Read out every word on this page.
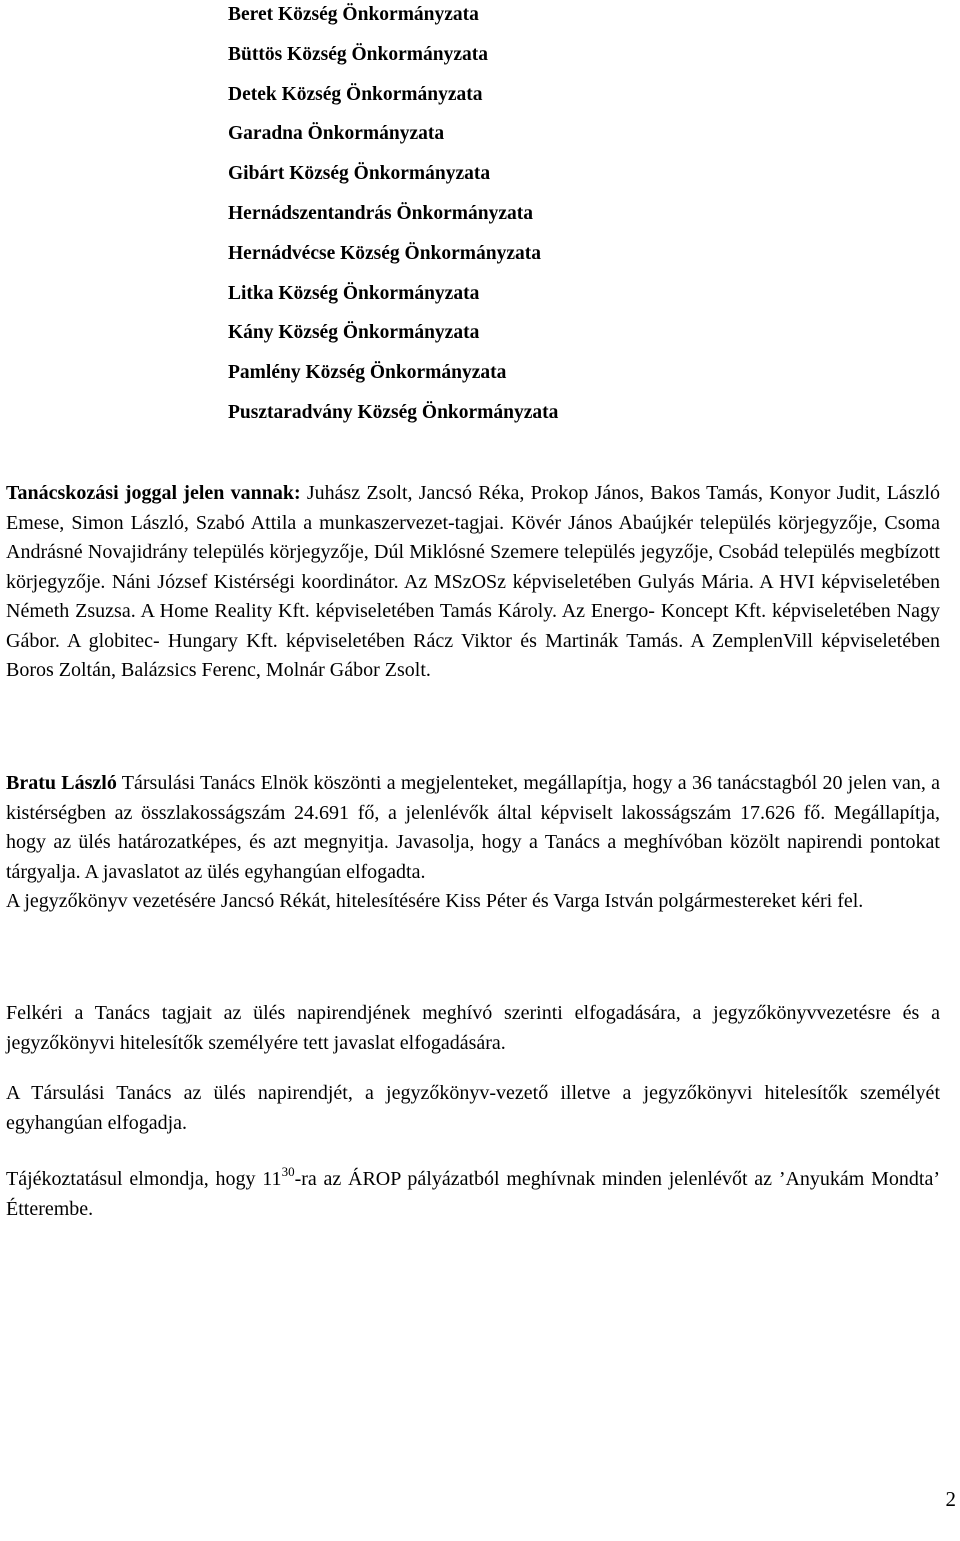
Beret Község Önkormányzata
Büttös Község Önkormányzata
Detek Község Önkormányzata
Garadna Önkormányzata
Gibárt Község Önkormányzata
Hernádszentandrás Önkormányzata
Hernádvécse Község Önkormányzata
Litka Község Önkormányzata
Kány Község Önkormányzata
Pamlény Község Önkormányzata
Pusztaradvány Község Önkormányzata

Tanácskozási joggal jelen vannak: Juhász Zsolt, Jancsó Réka, Prokop János, Bakos Tamás, Konyor Judit, László Emese, Simon László, Szabó Attila a munkaszervezet-tagjai. Kövér János Abaújkér település körjegyzője, Csoma Andrásné Novajidrány település körjegyzője, Dúl Miklósné Szemere település jegyzője, Csobád település megbízott körjegyzője. Náni József Kistérségi koordinátor. Az MSzOSz képviseletében Gulyás Mária. A HVI képviseletében Németh Zsuzsa. A Home Reality Kft. képviseletében Tamás Károly. Az Energo- Koncept Kft. képviseletében Nagy Gábor. A globitec- Hungary Kft. képviseletében Rácz Viktor és Martinák Tamás. A ZemplenVill képviseletében Boros Zoltán, Balázsics Ferenc, Molnár Gábor Zsolt.

Bratu László Társulási Tanács Elnök köszönti a megjelenteket, megállapítja, hogy a 36 tanácstagból 20 jelen van, a kistérségben az összlakosságszám 24.691 fő, a jelenlévők által képviselt lakosságszám 17.626 fő. Megállapítja, hogy az ülés határozatképes, és azt megnyitja. Javasolja, hogy a Tanács a meghívóban közölt napirendi pontokat tárgyalja. A javaslatot az ülés egyhangúan elfogadta.

A jegyzőkönyv vezetésére Jancsó Rékát, hitelesítésére Kiss Péter és Varga István polgármestereket kéri fel.

Felkéri a Tanács tagjait az ülés napirendjének meghívó szerinti elfogadására, a jegyzőkönyvvezetésre és a jegyzőkönyvi hitelesítők személyére tett javaslat elfogadására.

A Társulási Tanács az ülés napirendjét, a jegyzőkönyv-vezető illetve a jegyzőkönyvi hitelesítők személyét egyhangúan elfogadja.

Tájékoztatásul elmondja, hogy $11^{30}-ra$ az ÁROP pályázatból meghívnak minden jelenlévőt az ’Anyukám Mondta’ Étterembe.

2
